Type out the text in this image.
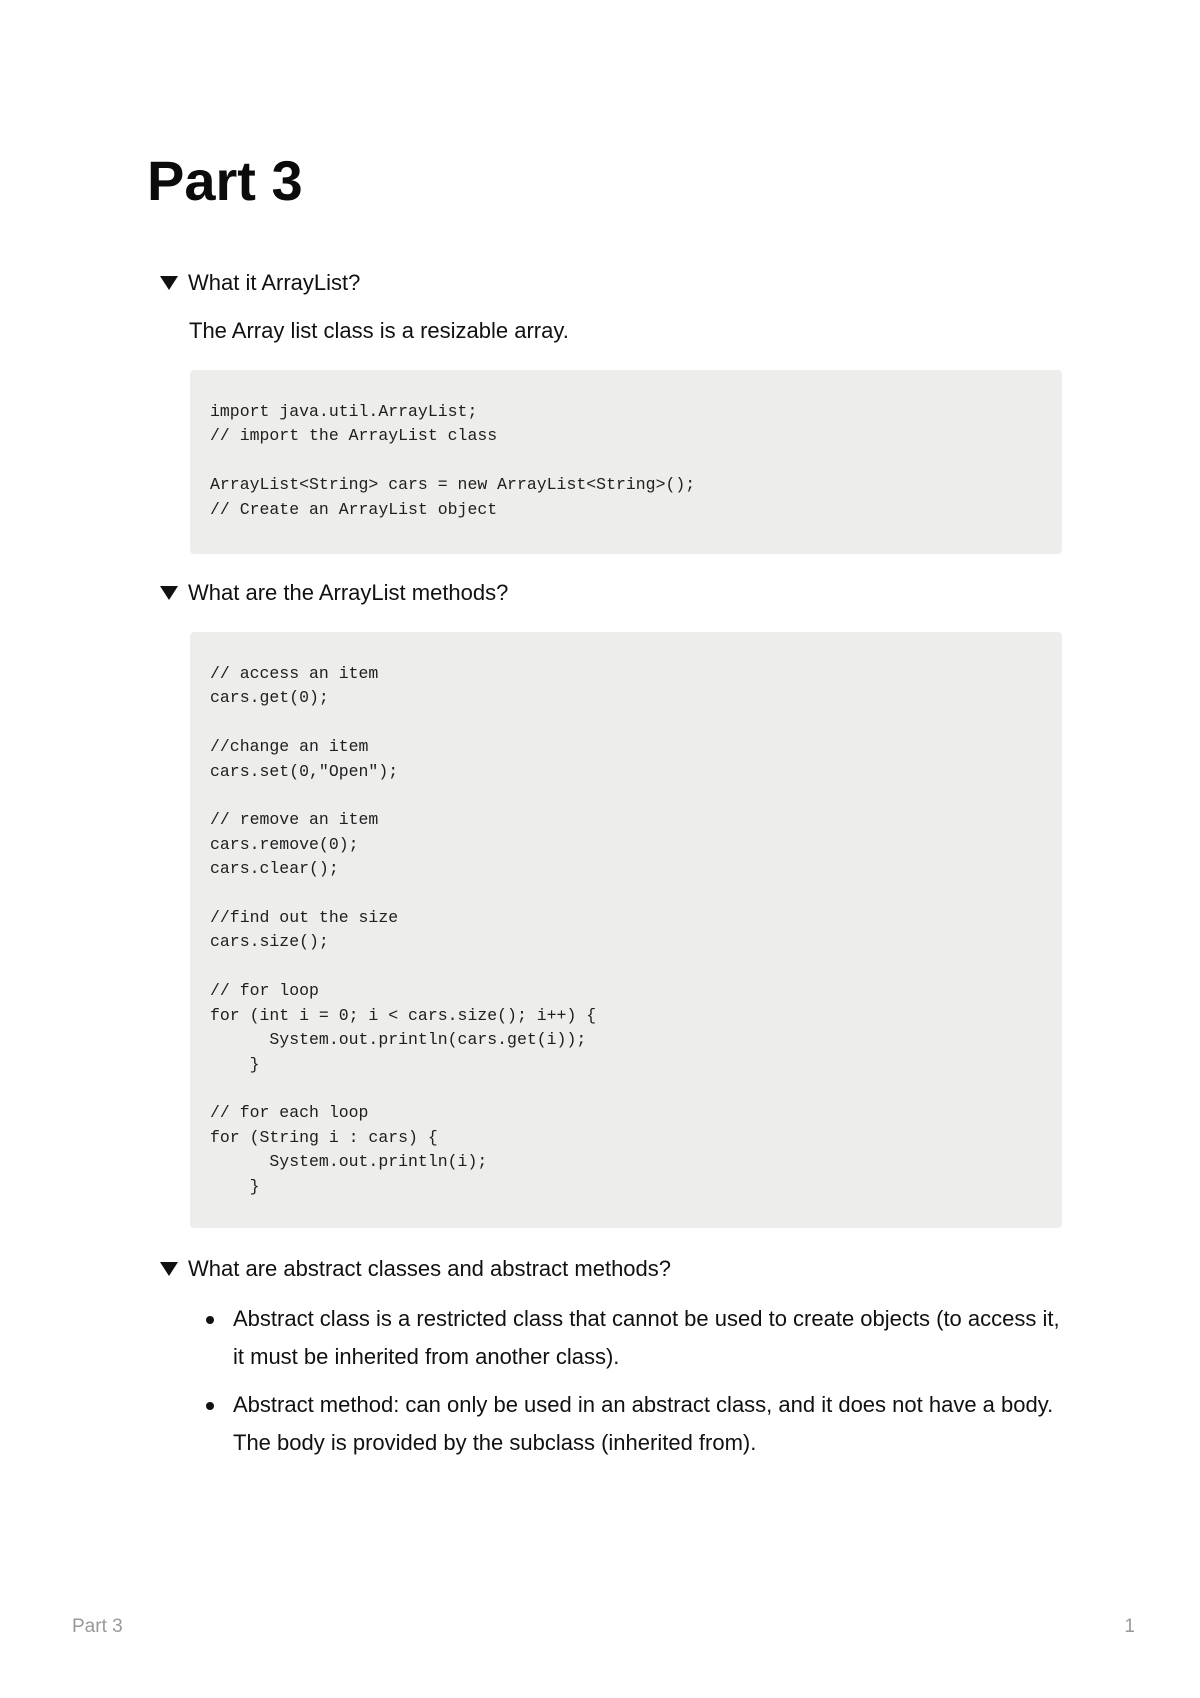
Part 3
What it ArrayList?

The Array list class is a resizable array.

import java.util.ArrayList;
// import the ArrayList class

ArrayList<String> cars = new ArrayList<String>();
// Create an ArrayList object
What are the ArrayList methods?
// access an item
cars.get(0);

//change an item
cars.set(0,"Open");

// remove an item
cars.remove(0);
cars.clear();

//find out the size
cars.size();

// for loop
for (int i = 0; i < cars.size(); i++) {
System.out.println(cars.get(i));
}

// for each loop
for (String i : cars) {
System.out.println(i);
}
What are abstract classes and abstract methods?
Abstract class is a restricted class that cannot be used to create objects (to access it, it must be inherited from another class).
Abstract method: can only be used in an abstract class, and it does not have a body. The body is provided by the subclass (inherited from).
Part 3	1
